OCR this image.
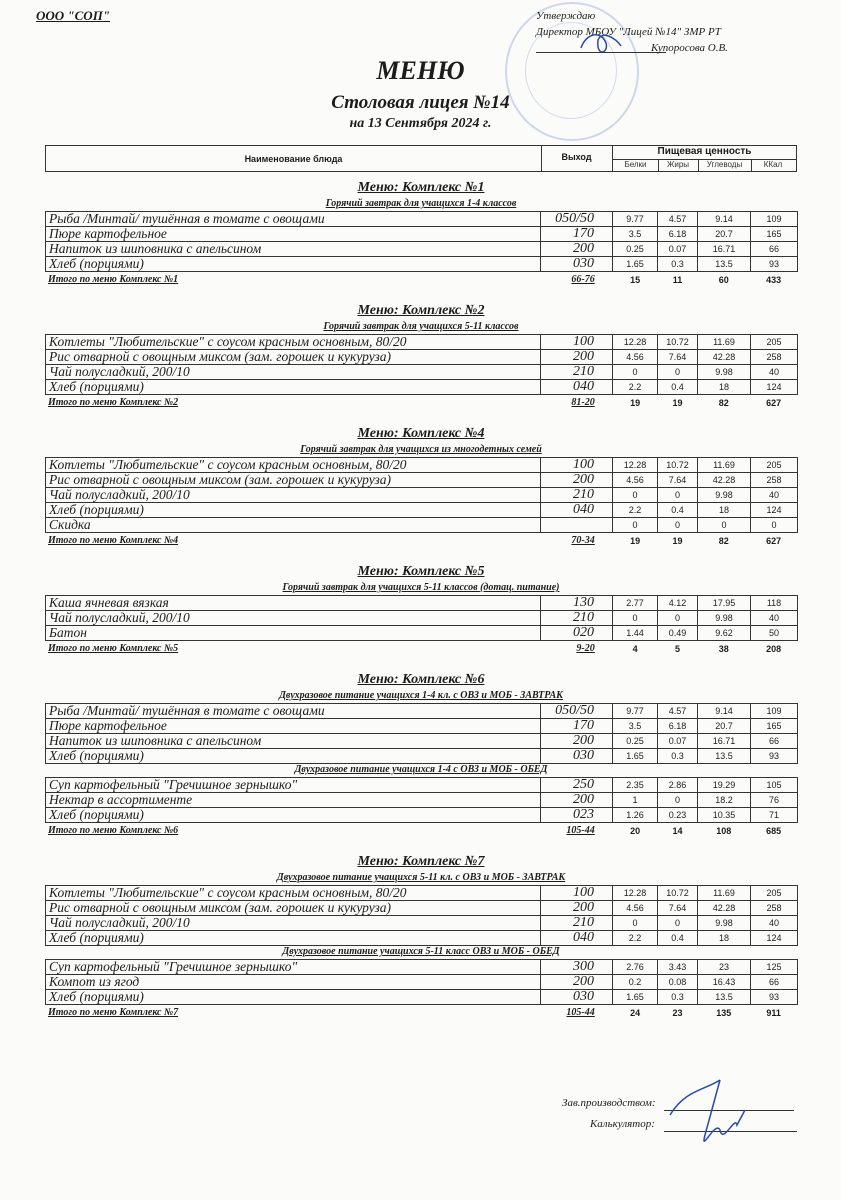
ООО "СОП"	Утверждаю
Директор МБОУ "Лицей №14" ЗМР РТ
Купоросова О.В.
МЕНЮ
Столовая лицея №14
на 13 Сентября 2024 г.
Наименование блюда	Выход	Пищевая ценность
Белки	Жиры	Углеводы	ККал
Меню: Комплекс №1
Горячий завтрак для учащихся 1-4 классов
Рыба /Минтай/ тушённая в томате с овощами	050/50	9.77	4.57	9.14	109
Пюре картофельное	170	3.5	6.18	20.7	165
Напиток из шиповника с апельсином	200	0.25	0.07	16.71	66
Хлеб (порциями)	030	1.65	0.3	13.5	93
Итого по меню Комплекс №1	66-76	15	11	60	433
Меню: Комплекс №2
Горячий завтрак для учащихся 5-11 классов
Котлеты "Любительские" с соусом красным основным, 80/20	100	12.28	10.72	11.69	205
Рис отварной с овощным миксом (зам. горошек и кукуруза)	200	4.56	7.64	42.28	258
Чай полусладкий, 200/10	210	0	0	9.98	40
Хлеб (порциями)	040	2.2	0.4	18	124
Итого по меню Комплекс №2	81-20	19	19	82	627
Меню: Комплекс №4
Горячий завтрак для учащихся из многодетных семей
Котлеты "Любительские" с соусом красным основным, 80/20	100	12.28	10.72	11.69	205
Рис отварной с овощным миксом (зам. горошек и кукуруза)	200	4.56	7.64	42.28	258
Чай полусладкий, 200/10	210	0	0	9.98	40
Хлеб (порциями)	040	2.2	0.4	18	124
Скидка		0	0	0	0
Итого по меню Комплекс №4	70-34	19	19	82	627
Меню: Комплекс №5
Горячий завтрак для учащихся 5-11 классов (дотац. питание)
Каша ячневая вязкая	130	2.77	4.12	17.95	118
Чай полусладкий, 200/10	210	0	0	9.98	40
Батон	020	1.44	0.49	9.62	50
Итого по меню Комплекс №5	9-20	4	5	38	208
Меню: Комплекс №6
Двухразовое питание учащихся 1-4 кл. с ОВЗ и МОБ - ЗАВТРАК
Рыба /Минтай/ тушённая в томате с овощами	050/50	9.77	4.57	9.14	109
Пюре картофельное	170	3.5	6.18	20.7	165
Напиток из шиповника с апельсином	200	0.25	0.07	16.71	66
Хлеб (порциями)	030	1.65	0.3	13.5	93
Двухразовое питание учащихся 1-4 с ОВЗ и МОБ - ОБЕД
Суп картофельный "Гречишное зернышко"	250	2.35	2.86	19.29	105
Нектар в ассортименте	200	1	0	18.2	76
Хлеб (порциями)	023	1.26	0.23	10.35	71
Итого по меню Комплекс №6	105-44	20	14	108	685
Меню: Комплекс №7
Двухразовое питание учащихся 5-11 кл. с ОВЗ и МОБ - ЗАВТРАК
Котлеты "Любительские" с соусом красным основным, 80/20	100	12.28	10.72	11.69	205
Рис отварной с овощным миксом (зам. горошек и кукуруза)	200	4.56	7.64	42.28	258
Чай полусладкий, 200/10	210	0	0	9.98	40
Хлеб (порциями)	040	2.2	0.4	18	124
Двухразовое питание учащихся 5-11 класс ОВЗ и МОБ - ОБЕД
Суп картофельный "Гречишное зернышко"	300	2.76	3.43	23	125
Компот из ягод	200	0.2	0.08	16.43	66
Хлеб (порциями)	030	1.65	0.3	13.5	93
Итого по меню Комплекс №7	105-44	24	23	135	911
Зав.производством:
Калькулятор:
